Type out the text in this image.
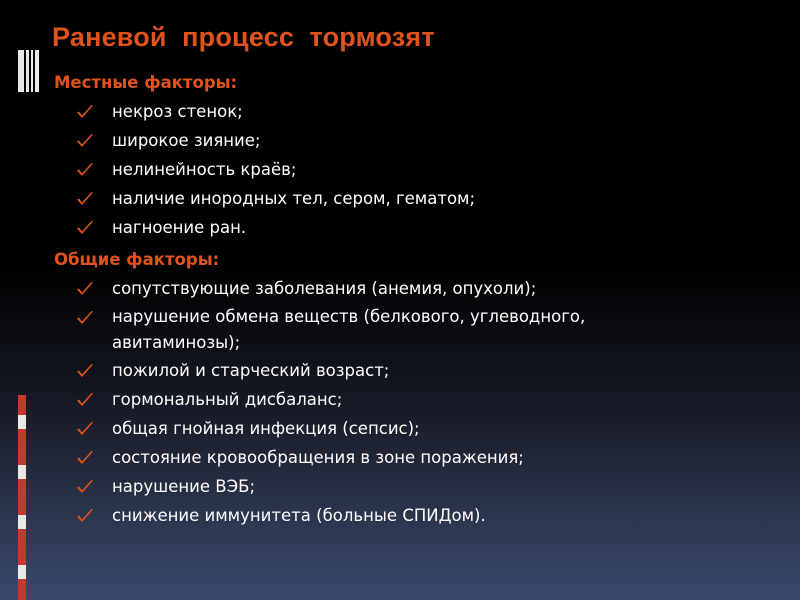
Раневой  процесс  тормозят
Местные факторы:
некроз стенок;
широкое зияние;
нелинейность краёв;
наличие инородных тел, сером, гематом;
нагноение ран.
Общие факторы:
сопутствующие заболевания (анемия, опухоли);
нарушение обмена веществ (белкового, углеводного, авитаминозы);
пожилой и старческий возраст;
гормональный дисбаланс;
общая гнойная инфекция (сепсис);
состояние кровообращения в зоне поражения;
нарушение ВЭБ;
снижение иммунитета (больные СПИДом).
